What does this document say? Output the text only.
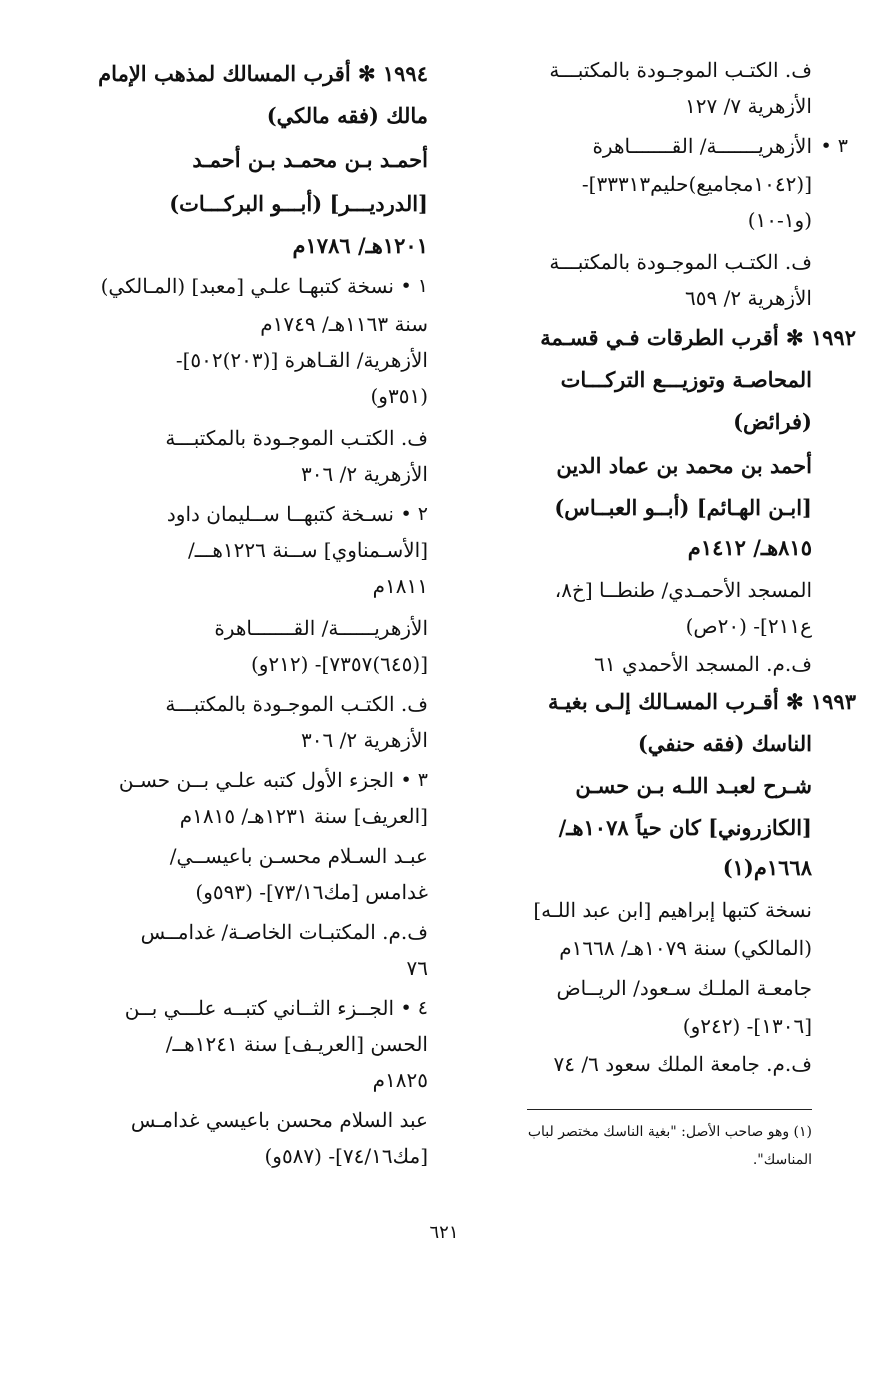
ف. الكتـب الموجـودة بالمكتبـــة
الأزهرية ٧/ ١٢٧
الأزهريـــــــة/ القـــــــاهرة ٣ •
[(١٠٤٢مجاميع)حليم٣٣٣١٣]-
(و١-١٠)
ف. الكتـب الموجـودة بالمكتبـــة
الأزهرية ٢/ ٦٥٩
١٩٩٢ ✻ أقرب الطرقات فـي قسـمة
المحاصـة وتوزيـــع التركـــات
(فرائض)
أحمد بن محمد بن عماد الدين
[ابـن الهـائم] (أبــو العبــاس)
٨١٥هـ/ ١٤١٢م
المسجد الأحمـدي/ طنطــا [خ٨،
ع٢١١]- (٢٠ص)
ف.م. المسجد الأحمدي ٦١
١٩٩٣ ✻ أقـرب المسـالك إلـى بغيـة
الناسك (فقه حنفي)
شـرح لعبـد اللـه بـن حسـن
[الكازروني] كان حياً ١٠٧٨هـ/
١٦٦٨م(١)
نسخة كتبها إبراهيم [ابن عبد اللـه]
(المالكي) سنة ١٠٧٩هـ/ ١٦٦٨م
جامعـة الملـك سـعود/ الريــاض
[١٣٠٦]- (٢٤٢و)
ف.م. جامعة الملك سعود ٦/ ٧٤
١٩٩٤ ✻ أقرب المسالك لمذهب الإمام
مالك (فقه مالكي)
أحمـد بـن محمـد بـن أحمـد
[الدرديـــر] (أبـــو البركـــات)
١٢٠١هـ/ ١٧٨٦م
نسخة كتبهـا علـي [معبد] (المـالكي) ١ •
سنة ١١٦٣هـ/ ١٧٤٩م
الأزهرية/ القـاهرة [(٢٠٣)٥٠٢]-
(٣٥١و)
ف. الكتـب الموجـودة بالمكتبـــة
الأزهرية ٢/ ٣٠٦
نسـخة كتبهــا ســليمان داود ٢ •
[الأسـمناوي] ســنة ١٢٢٦هـــ/
١٨١١م
الأزهريــــــة/ القـــــــاهرة
[(٦٤٥)٧٣٥٧]- (٢١٢و)
ف. الكتـب الموجـودة بالمكتبـــة
الأزهرية ٢/ ٣٠٦
الجزء الأول كتبه علـي بــن حسـن ٣ •
[العريف] سنة ١٢٣١هـ/ ١٨١٥م
عبـد السـلام محسـن باعيســي/
غدامس [مك٧٣/١٦]- (٥٩٣و)
ف.م. المكتبـات الخاصـة/ غدامــس
٧٦
الجــزء الثــاني كتبــه علـــي بــن ٤ •
الحسن [العريـف] سنة ١٢٤١هــ/
١٨٢٥م
عبد السلام محسن باعيسي غدامـس
[مك٧٤/١٦]- (٥٨٧و)
(١) وهو صاحب الأصل: "بغية الناسك مختصر لباب
المناسك".
٦٢١
